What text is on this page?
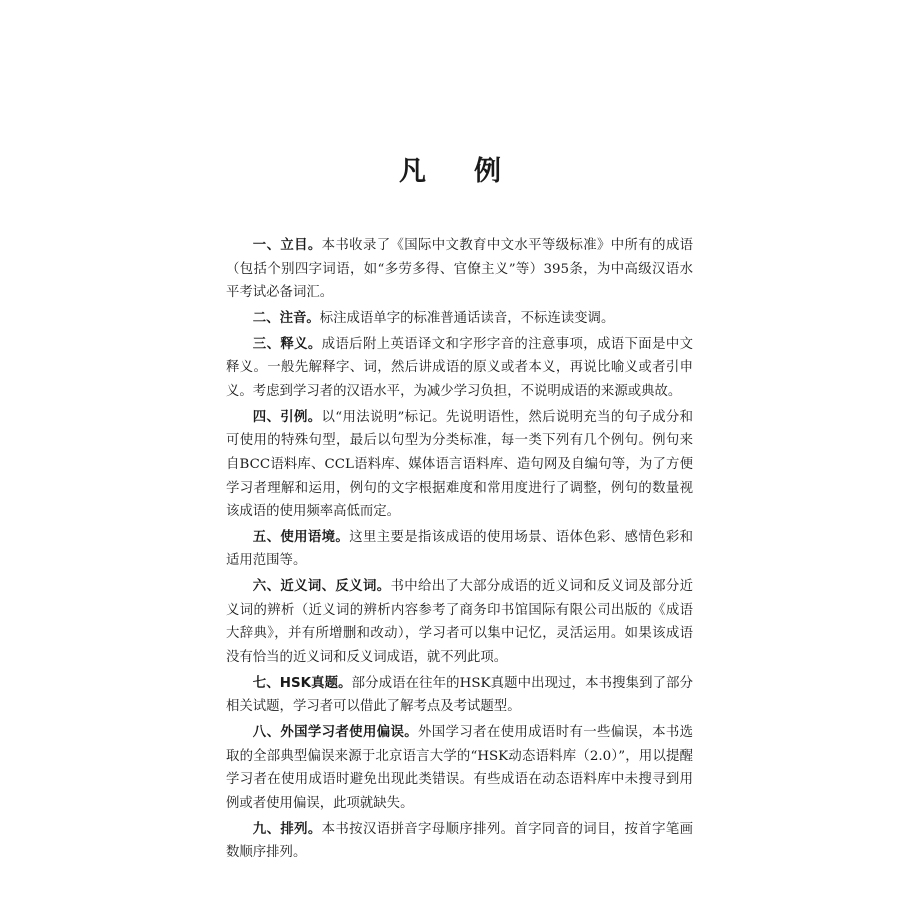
凡 例

一、立目。本书收录了《国际中文教育中文水平等级标准》中所有的成语（包括个别四字词语，如“多劳多得、官僚主义”等）395条，为中高级汉语水平考试必备词汇。

二、注音。标注成语单字的标准普通话读音，不标连读变调。

三、释义。成语后附上英语译文和字形字音的注意事项，成语下面是中文释义。一般先解释字、词，然后讲成语的原义或者本义，再说比喻义或者引申义。考虑到学习者的汉语水平，为减少学习负担，不说明成语的来源或典故。

四、引例。以“用法说明”标记。先说明语性，然后说明充当的句子成分和可使用的特殊句型，最后以句型为分类标准，每一类下列有几个例句。例句来自BCC语料库、CCL语料库、媒体语言语料库、造句网及自编句等，为了方便学习者理解和运用，例句的文字根据难度和常用度进行了调整，例句的数量视该成语的使用频率高低而定。

五、使用语境。这里主要是指该成语的使用场景、语体色彩、感情色彩和适用范围等。

六、近义词、反义词。书中给出了大部分成语的近义词和反义词及部分近义词的辨析（近义词的辨析内容参考了商务印书馆国际有限公司出版的《成语大辞典》，并有所增删和改动），学习者可以集中记忆，灵活运用。如果该成语没有恰当的近义词和反义词成语，就不列此项。

七、HSK真题。部分成语在往年的HSK真题中出现过，本书搜集到了部分相关试题，学习者可以借此了解考点及考试题型。

八、外国学习者使用偏误。外国学习者在使用成语时有一些偏误，本书选取的全部典型偏误来源于北京语言大学的“HSK动态语料库（2.0）”，用以提醒学习者在使用成语时避免出现此类错误。有些成语在动态语料库中未搜寻到用例或者使用偏误，此项就缺失。

九、排列。本书按汉语拼音字母顺序排列。首字同音的词目，按首字笔画数顺序排列。
